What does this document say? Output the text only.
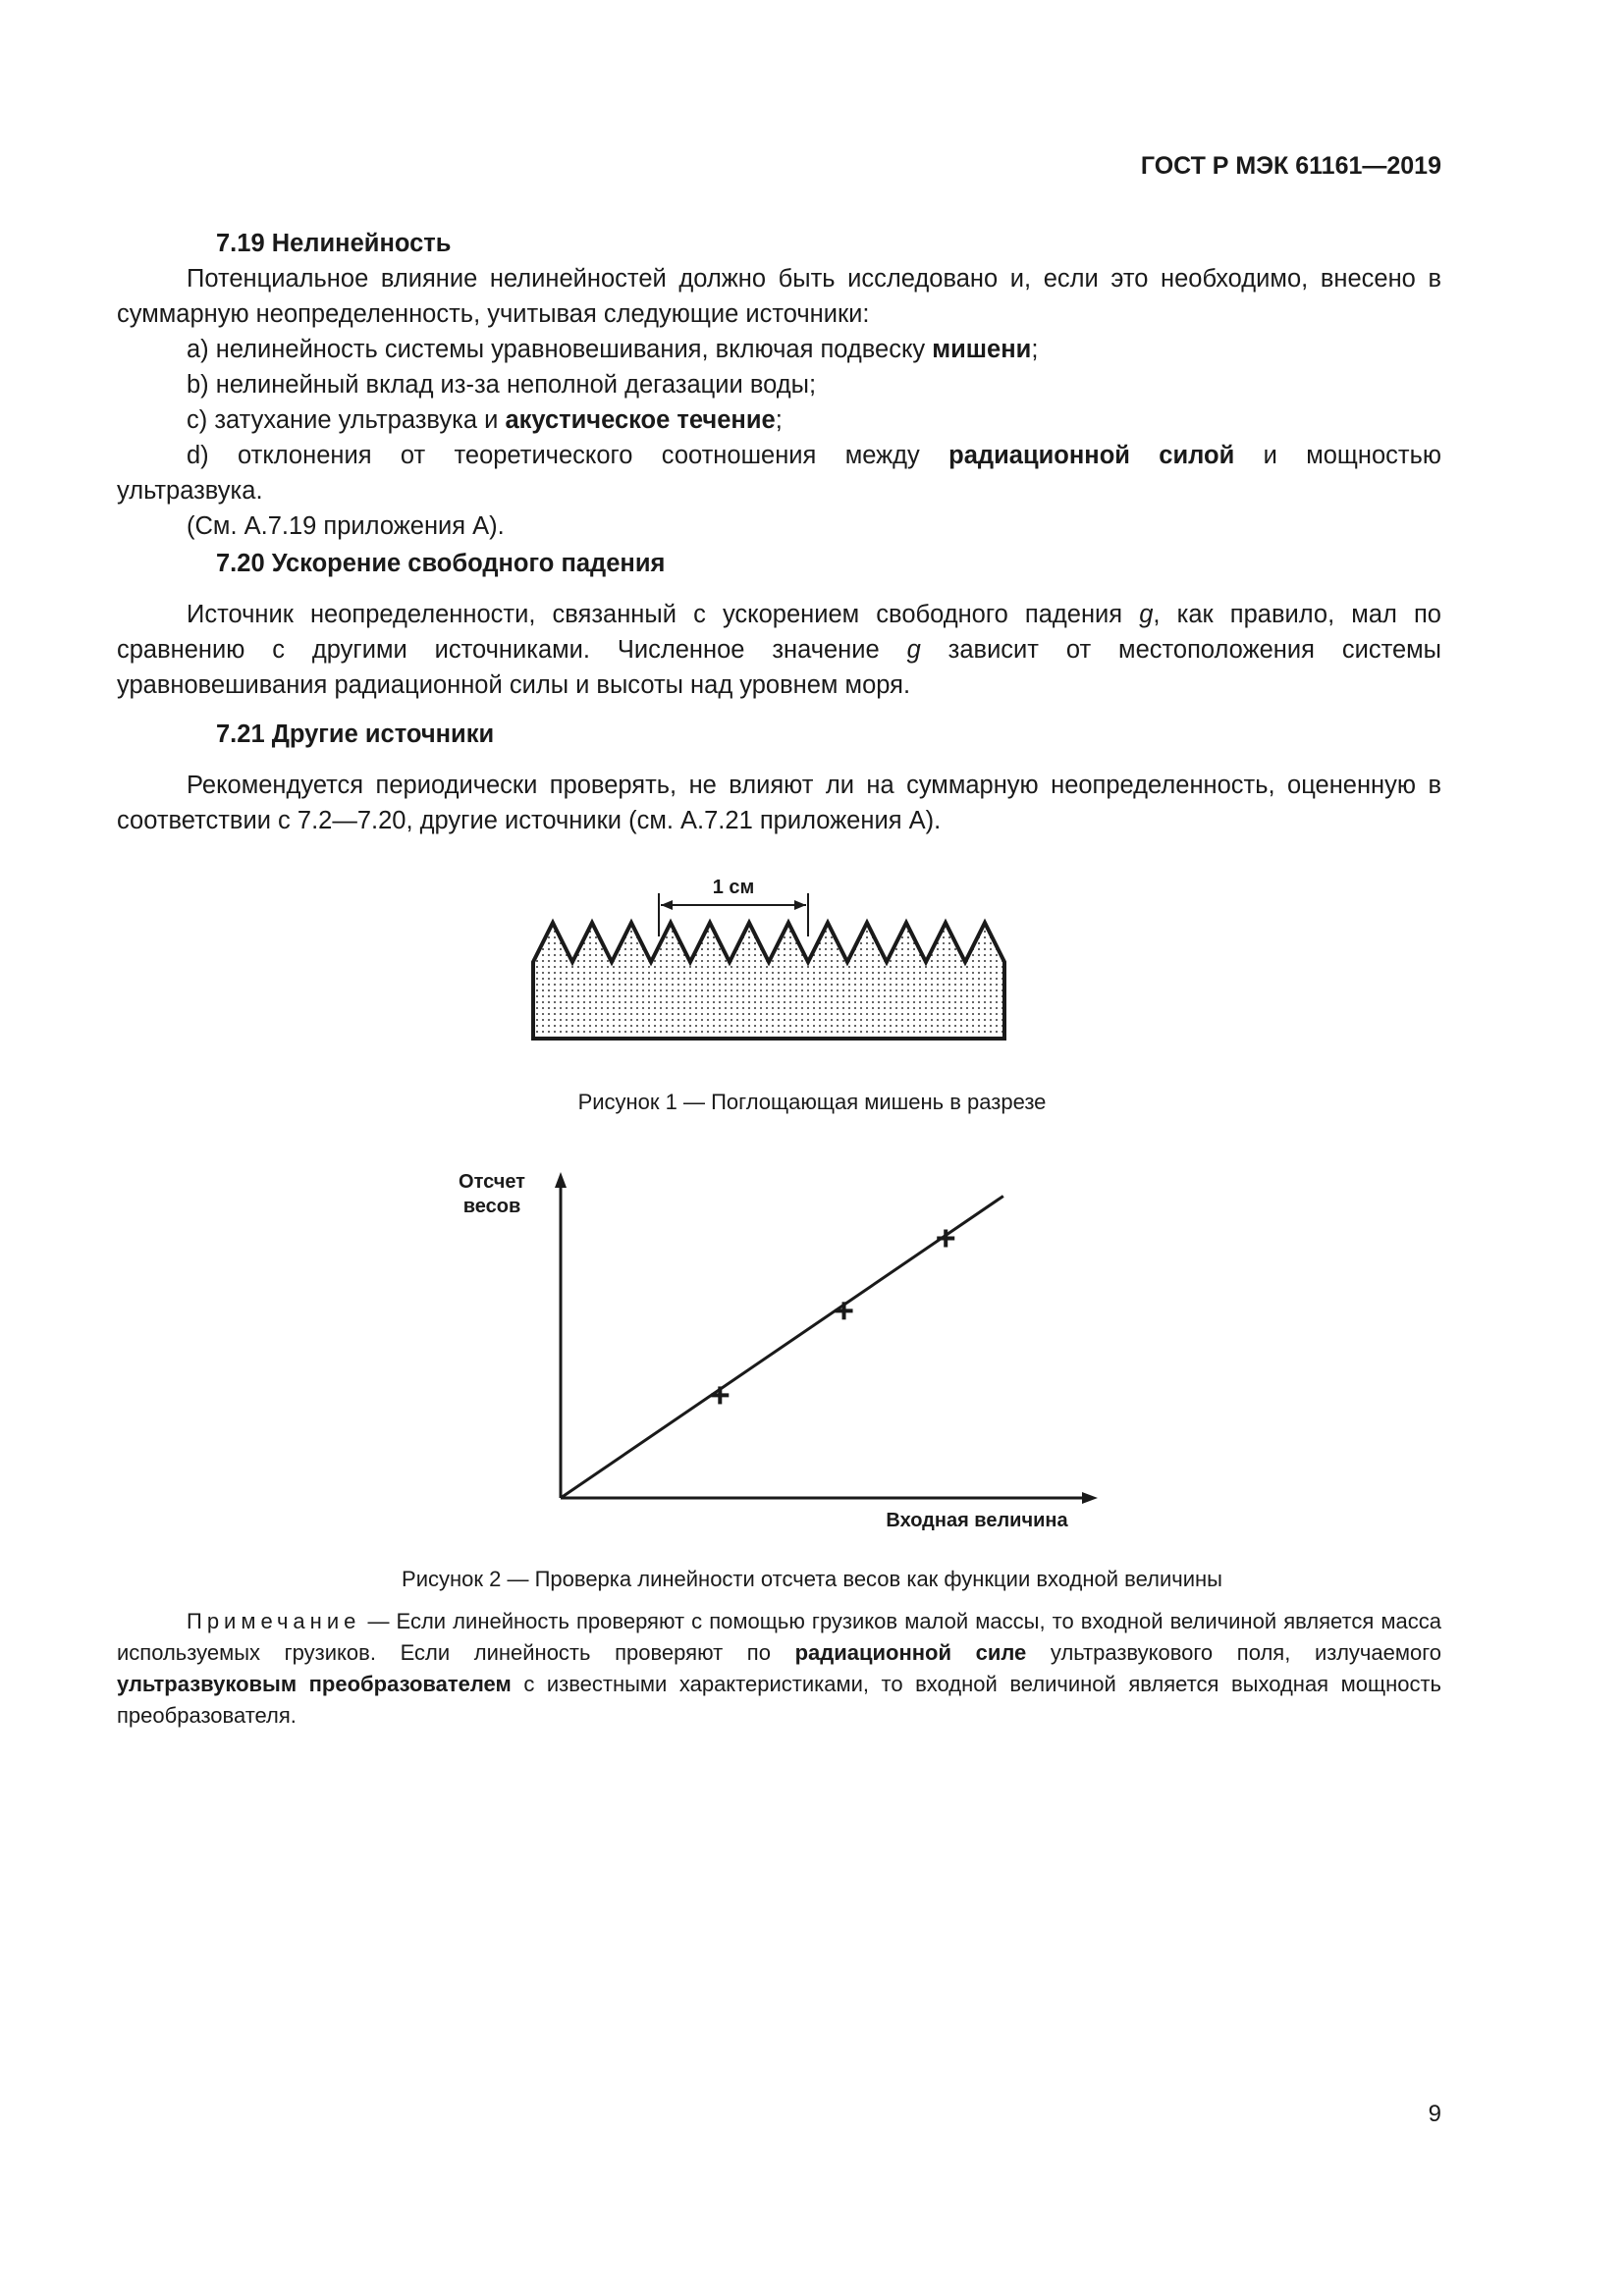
ГОСТ Р МЭК 61161—2019
7.19 Нелинейность
Потенциальное влияние нелинейностей должно быть исследовано и, если это необходимо, внесено в суммарную неопределенность, учитывая следующие источники:
a) нелинейность системы уравновешивания, включая подвеску мишени;
b) нелинейный вклад из-за неполной дегазации воды;
c) затухание ультразвука и акустическое течение;
d) отклонения от теоретического соотношения между радиационной силой и мощностью
ультразвука.
(См. А.7.19 приложения А).
7.20 Ускорение свободного падения
Источник неопределенности, связанный с ускорением свободного падения g, как правило, мал по сравнению с другими источниками. Численное значение g зависит от местоположения системы уравновешивания радиационной силы и высоты над уровнем моря.
7.21 Другие источники
Рекомендуется периодически проверять, не влияют ли на суммарную неопределенность, оцененную в соответствии с 7.2—7.20, другие источники (см. А.7.21 приложения А).
1 см
Рисунок 1 — Поглощающая мишень в разрезе
Отсчет
весов
Входная величина
Рисунок 2 — Проверка линейности отсчета весов как функции входной величины
Примечание — Если линейность проверяют с помощью грузиков малой массы, то входной величиной является масса используемых грузиков. Если линейность проверяют по радиационной силе ультразвукового поля, излучаемого ультразвуковым преобразователем с известными характеристиками, то входной величиной является выходная мощность преобразователя.
9
